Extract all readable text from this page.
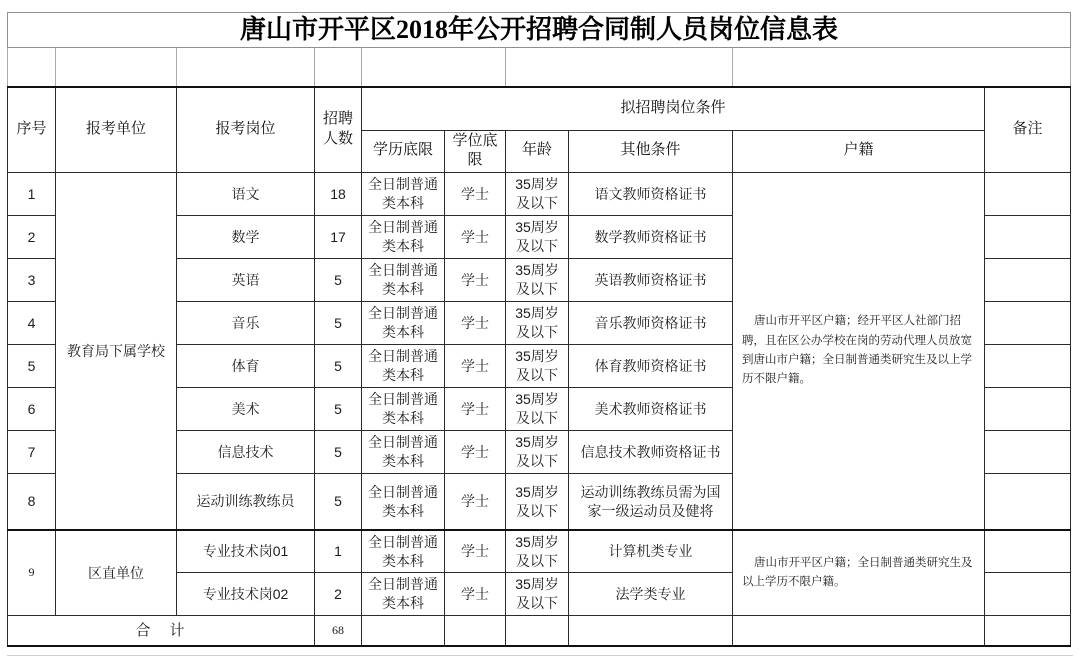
唐山市开平区2018年公开招聘合同制人员岗位信息表									

序号	报考单位	报考岗位	招聘人数	拟招聘岗位条件					备注
				学历底限	学位底限	年龄	其他条件	户籍	
1	教育局下属学校	语文	18	全日制普通类本科	学士	35周岁及以下	语文教师资格证书	唐山市开平区户籍；经开平区人社部门招聘，且在区公办学校在岗的劳动代理人员放宽到唐山市户籍；全日制普通类研究生及以上学历不限户籍。	
2		数学	17	全日制普通类本科	学士	35周岁及以下	数学教师资格证书		
3		英语	5	全日制普通类本科	学士	35周岁及以下	英语教师资格证书		
4		音乐	5	全日制普通类本科	学士	35周岁及以下	音乐教师资格证书		
5		体育	5	全日制普通类本科	学士	35周岁及以下	体育教师资格证书		
6		美术	5	全日制普通类本科	学士	35周岁及以下	美术教师资格证书		
7		信息技术	5	全日制普通类本科	学士	35周岁及以下	信息技术教师资格证书		
8		运动训练教练员	5	全日制普通类本科	学士	35周岁及以下	运动训练教练员需为国家一级运动员及健将		
9	区直单位	专业技术岗01	1	全日制普通类本科	学士	35周岁及以下	计算机类专业	唐山市开平区户籍；全日制普通类研究生及以上学历不限户籍。	
		专业技术岗02	2	全日制普通类本科	学士	35周岁及以下	法学类专业		
合　计			68						
